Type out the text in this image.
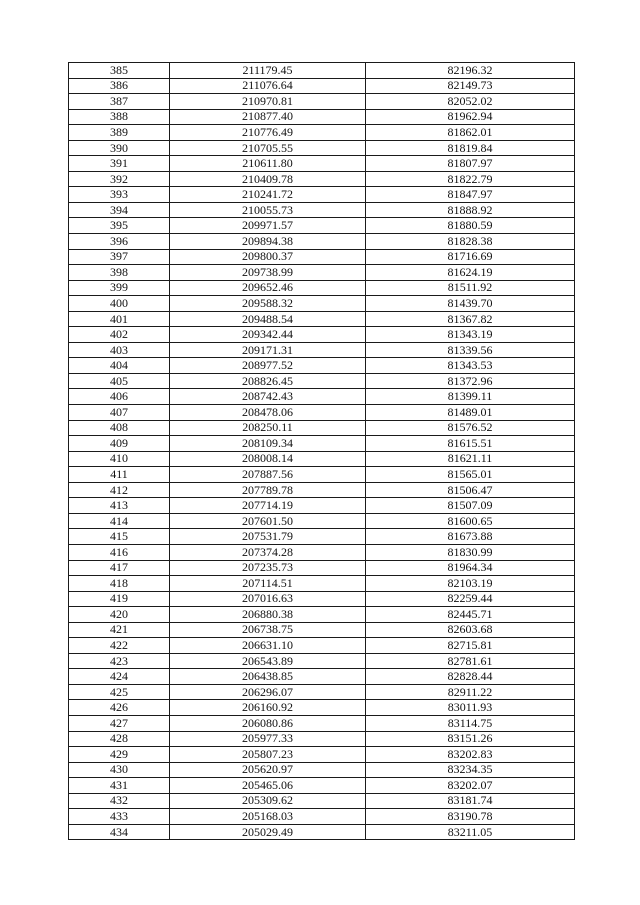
385	211179.45	82196.32
386	211076.64	82149.73
387	210970.81	82052.02
388	210877.40	81962.94
389	210776.49	81862.01
390	210705.55	81819.84
391	210611.80	81807.97
392	210409.78	81822.79
393	210241.72	81847.97
394	210055.73	81888.92
395	209971.57	81880.59
396	209894.38	81828.38
397	209800.37	81716.69
398	209738.99	81624.19
399	209652.46	81511.92
400	209588.32	81439.70
401	209488.54	81367.82
402	209342.44	81343.19
403	209171.31	81339.56
404	208977.52	81343.53
405	208826.45	81372.96
406	208742.43	81399.11
407	208478.06	81489.01
408	208250.11	81576.52
409	208109.34	81615.51
410	208008.14	81621.11
411	207887.56	81565.01
412	207789.78	81506.47
413	207714.19	81507.09
414	207601.50	81600.65
415	207531.79	81673.88
416	207374.28	81830.99
417	207235.73	81964.34
418	207114.51	82103.19
419	207016.63	82259.44
420	206880.38	82445.71
421	206738.75	82603.68
422	206631.10	82715.81
423	206543.89	82781.61
424	206438.85	82828.44
425	206296.07	82911.22
426	206160.92	83011.93
427	206080.86	83114.75
428	205977.33	83151.26
429	205807.23	83202.83
430	205620.97	83234.35
431	205465.06	83202.07
432	205309.62	83181.74
433	205168.03	83190.78
434	205029.49	83211.05
